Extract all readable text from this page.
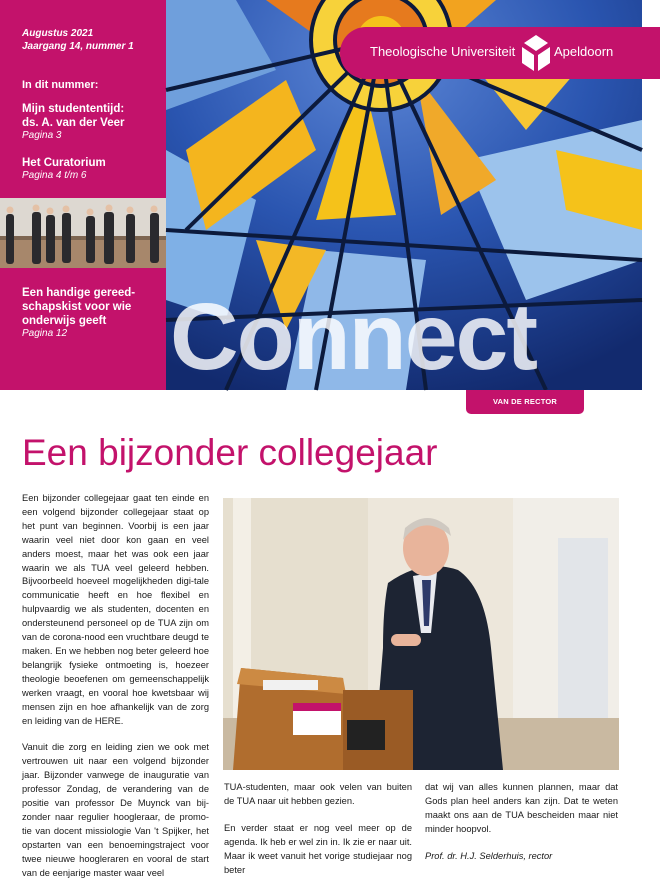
Augustus 2021
Jaargang 14, nummer 1
In dit nummer:
Mijn studententijd:
ds. A. van der Veer
Pagina 3
Het Curatorium
Pagina 4 t/m 6
Een handige gereed-
schapskist voor wie
onderwijs geeft
Pagina 12
Theologische Universiteit	Apeldoorn
Connect
VAN DE RECTOR
Een bijzonder collegejaar

Een bijzonder collegejaar gaat ten einde en een volgend bijzonder collegejaar staat op het punt van beginnen. Voorbij is een jaar waarin veel niet door kon gaan en veel anders moest, maar het was ook een jaar waarin we als TUA veel geleerd hebben. Bijvoorbeeld hoeveel mogelijkheden digi-tale communicatie heeft en hoe flexibel en hulpvaardig we als studenten, docenten en ondersteunend personeel op de TUA zijn om van de corona-nood een vruchtbare deugd te maken. En we hebben nog beter geleerd hoe belangrijk fysieke ontmoeting is, hoezeer theologie beoefenen om gemeenschappelijk werken vraagt, en vooral hoe kwetsbaar wij mensen zijn en hoe afhankelijk van de zorg en leiding van de HERE.

Vanuit die zorg en leiding zien we ook met vertrouwen uit naar een volgend bijzonder jaar. Bijzonder vanwege de inauguratie van professor Zondag, de verandering van de positie van professor De Muynck van bij-zonder naar regulier hoogleraar, de promo-tie van docent missiologie Van 't Spijker, het opstarten van een benoemingstraject voor twee nieuwe hoogleraren en vooral de start van de eenjarige master waar veel

TUA-studenten, maar ook velen van buiten de TUA naar uit hebben gezien.

En verder staat er nog veel meer op de agenda. Ik heb er wel zin in. Ik zie er naar uit. Maar ik weet vanuit het vorige studiejaar nog beter

dat wij van alles kunnen plannen, maar dat Gods plan heel anders kan zijn. Dat te weten maakt ons aan de TUA bescheiden maar niet minder hoopvol.

Prof. dr. H.J. Selderhuis, rector
